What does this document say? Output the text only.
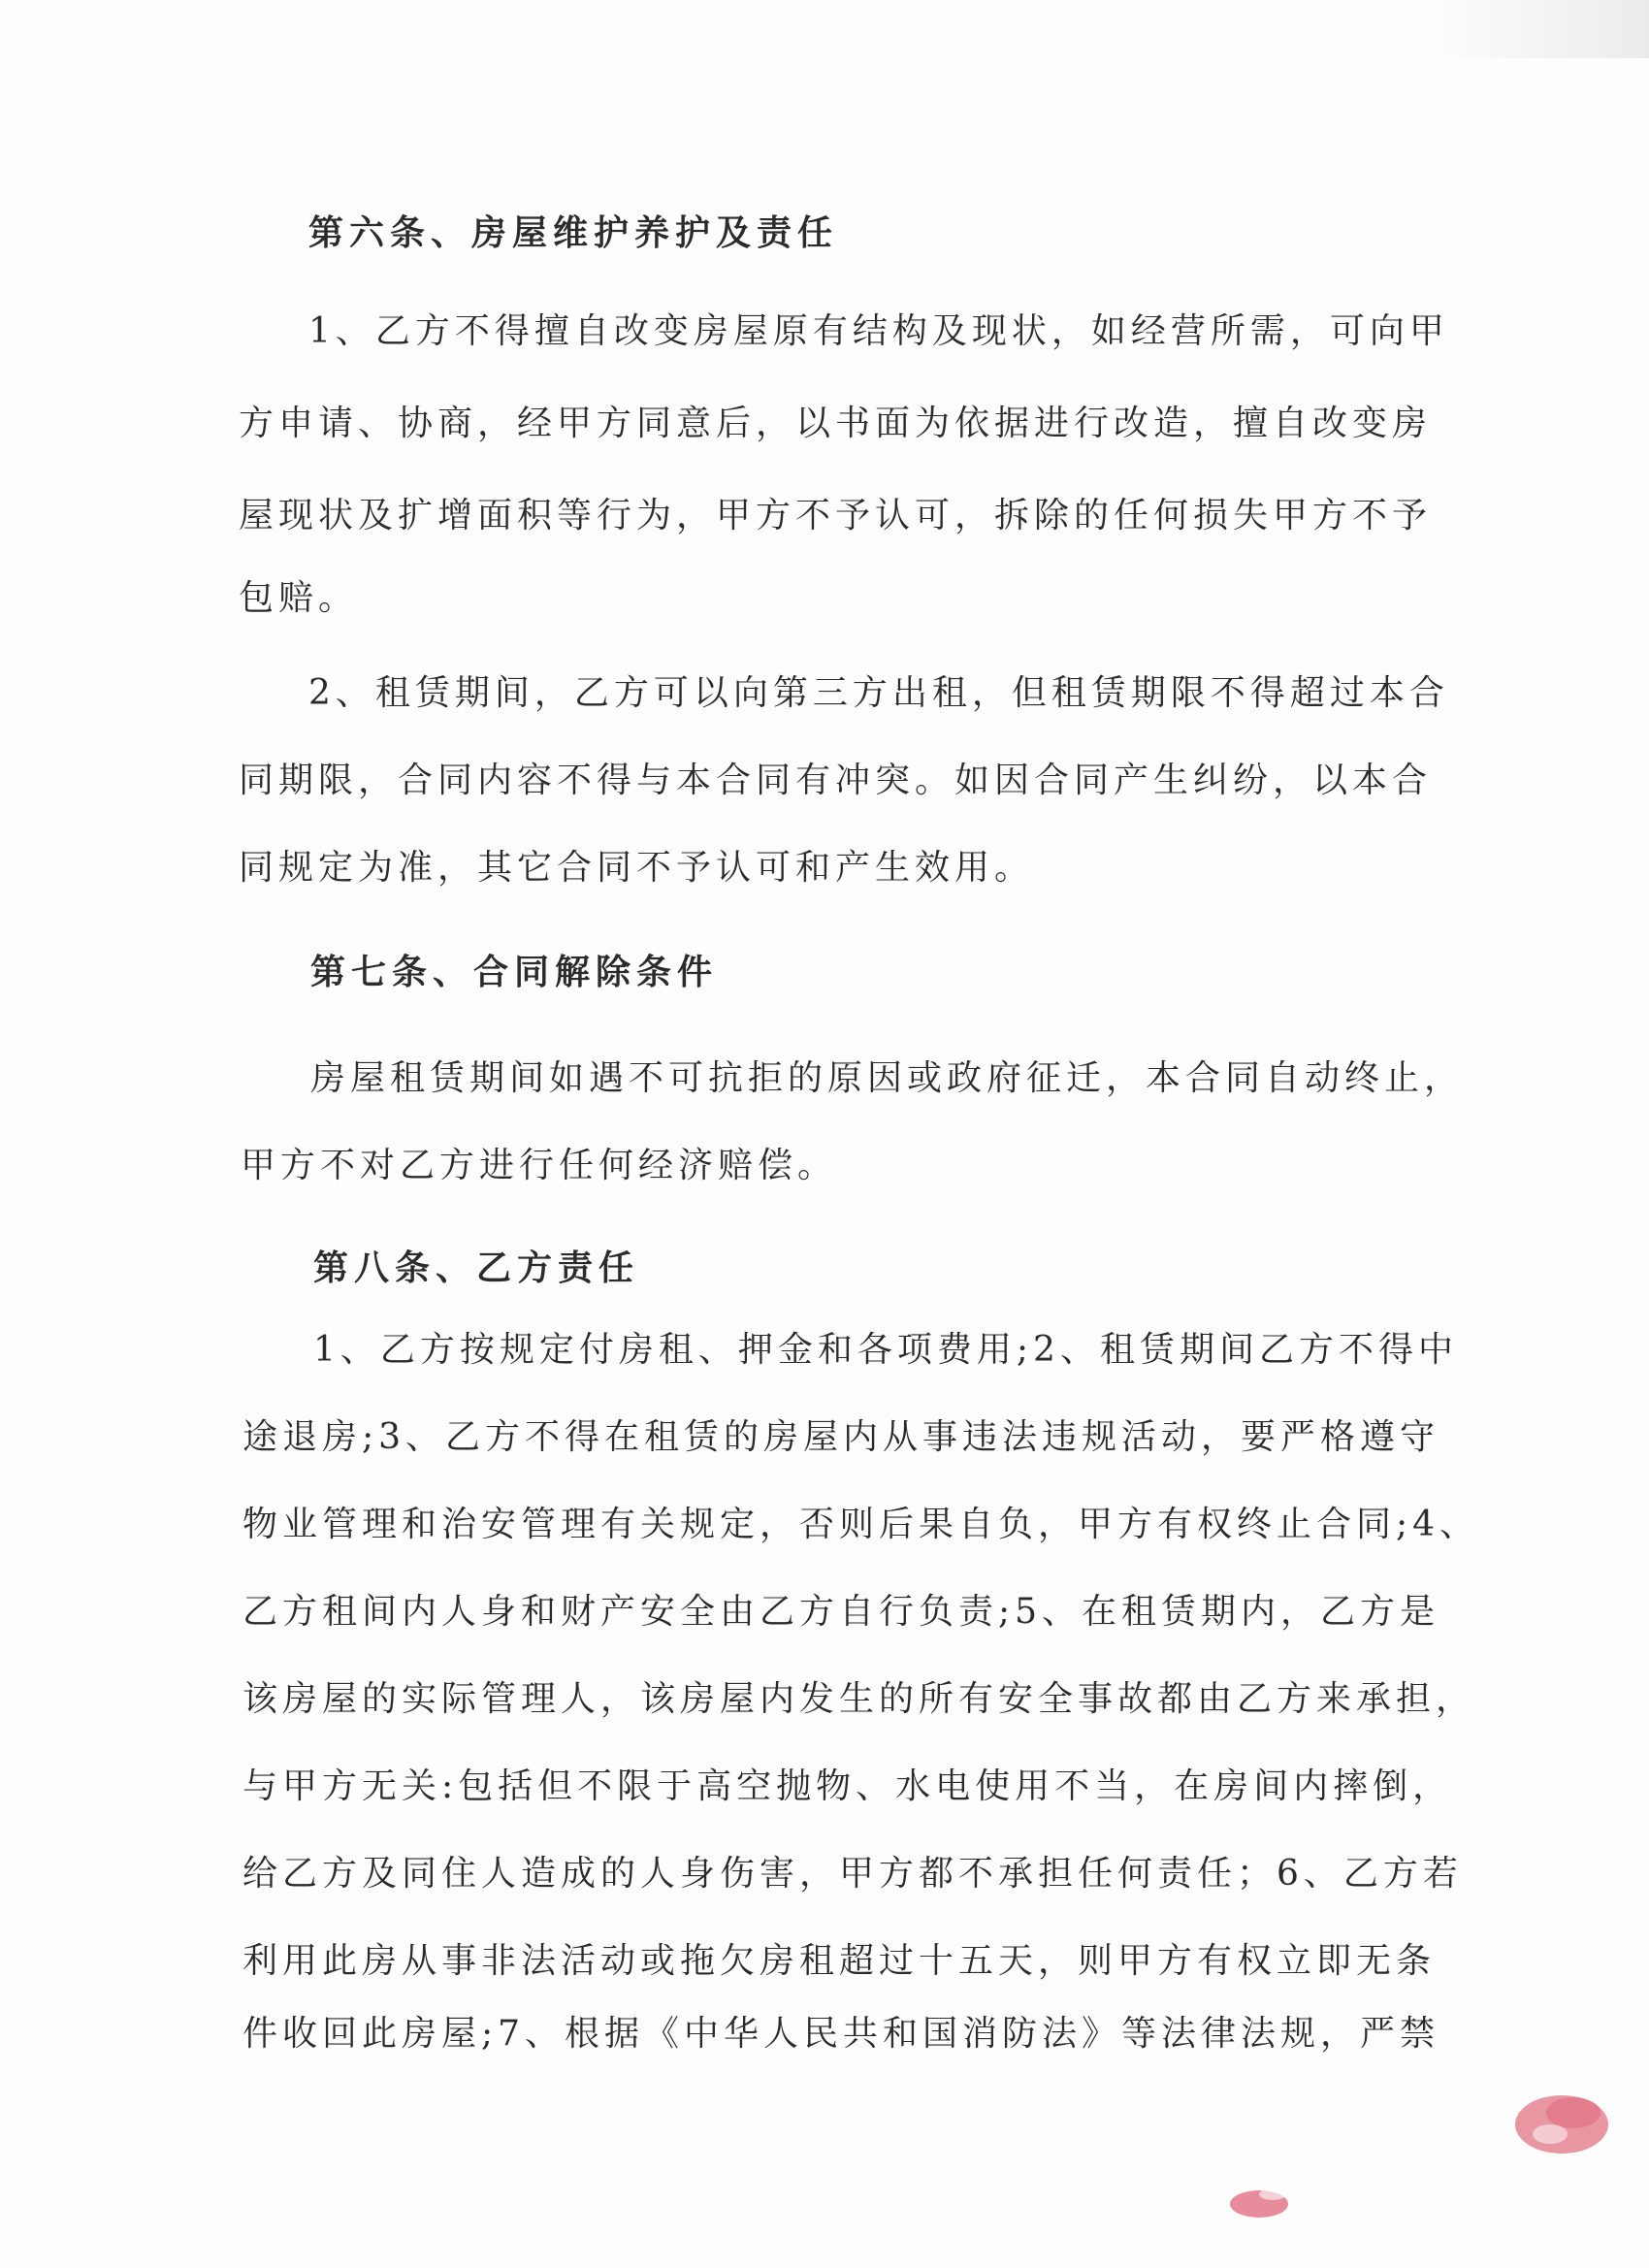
第六条、房屋维护养护及责任
1、乙方不得擅自改变房屋原有结构及现状，如经营所需，可向甲
方申请、协商，经甲方同意后，以书面为依据进行改造，擅自改变房
屋现状及扩增面积等行为，甲方不予认可，拆除的任何损失甲方不予
包赔。
2、租赁期间，乙方可以向第三方出租，但租赁期限不得超过本合
同期限，合同内容不得与本合同有冲突。如因合同产生纠纷，以本合
同规定为准，其它合同不予认可和产生效用。
第七条、合同解除条件
房屋租赁期间如遇不可抗拒的原因或政府征迁，本合同自动终止，
甲方不对乙方进行任何经济赔偿。
第八条、乙方责任
1、乙方按规定付房租、押金和各项费用;2、租赁期间乙方不得中
途退房;3、乙方不得在租赁的房屋内从事违法违规活动，要严格遵守
物业管理和治安管理有关规定，否则后果自负，甲方有权终止合同;4、
乙方租间内人身和财产安全由乙方自行负责;5、在租赁期内，乙方是
该房屋的实际管理人，该房屋内发生的所有安全事故都由乙方来承担，
与甲方无关:包括但不限于高空抛物、水电使用不当，在房间内摔倒，
给乙方及同住人造成的人身伤害，甲方都不承担任何责任；6、乙方若
利用此房从事非法活动或拖欠房租超过十五天，则甲方有权立即无条
件收回此房屋;7、根据《中华人民共和国消防法》等法律法规，严禁
